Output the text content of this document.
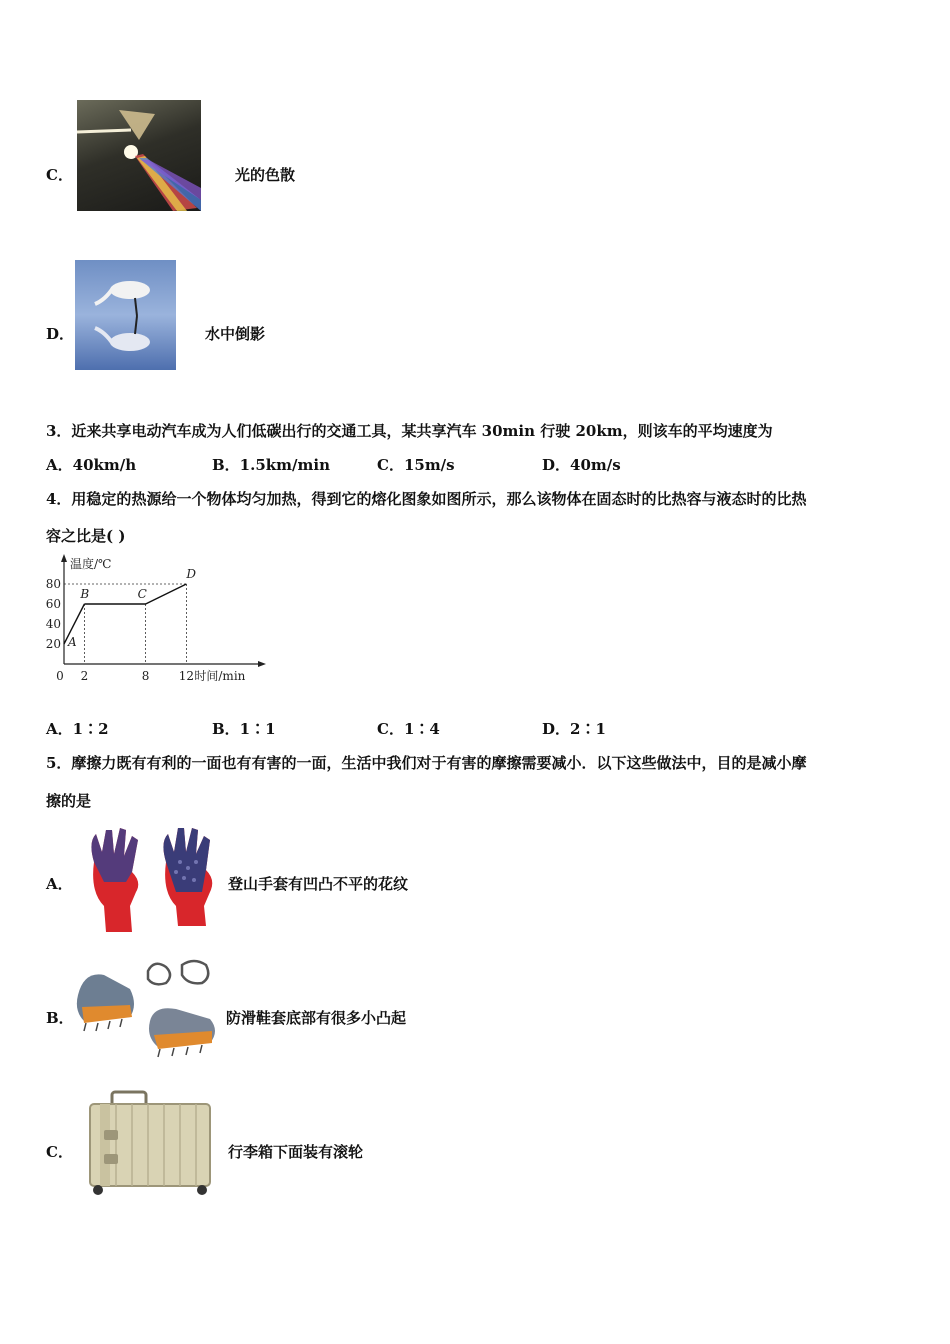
C．	光的色散
D．	水中倒影
3．近来共享电动汽车成为人们低碳出行的交通工具，某共享汽车 30min 行驶 20km，则该车的平均速度为
A．40km/h	B．1.5km/min	C．15m/s	D．40m/s
4．用稳定的热源给一个物体均匀加热，得到它的熔化图象如图所示，那么该物体在固态时的比热容与液态时的比热
容之比是( )
温度/℃
时间/min
20
40
60
80
0 2	8 12
A
B	C
D
A．1∶2	B．1∶1	C．1∶4	D．2∶1
5．摩擦力既有有利的一面也有有害的一面，生活中我们对于有害的摩擦需要减小．以下这些做法中，目的是减小摩
擦的是
A．	登山手套有凹凸不平的花纹
B．	防滑鞋套底部有很多小凸起
C．	行李箱下面装有滚轮
